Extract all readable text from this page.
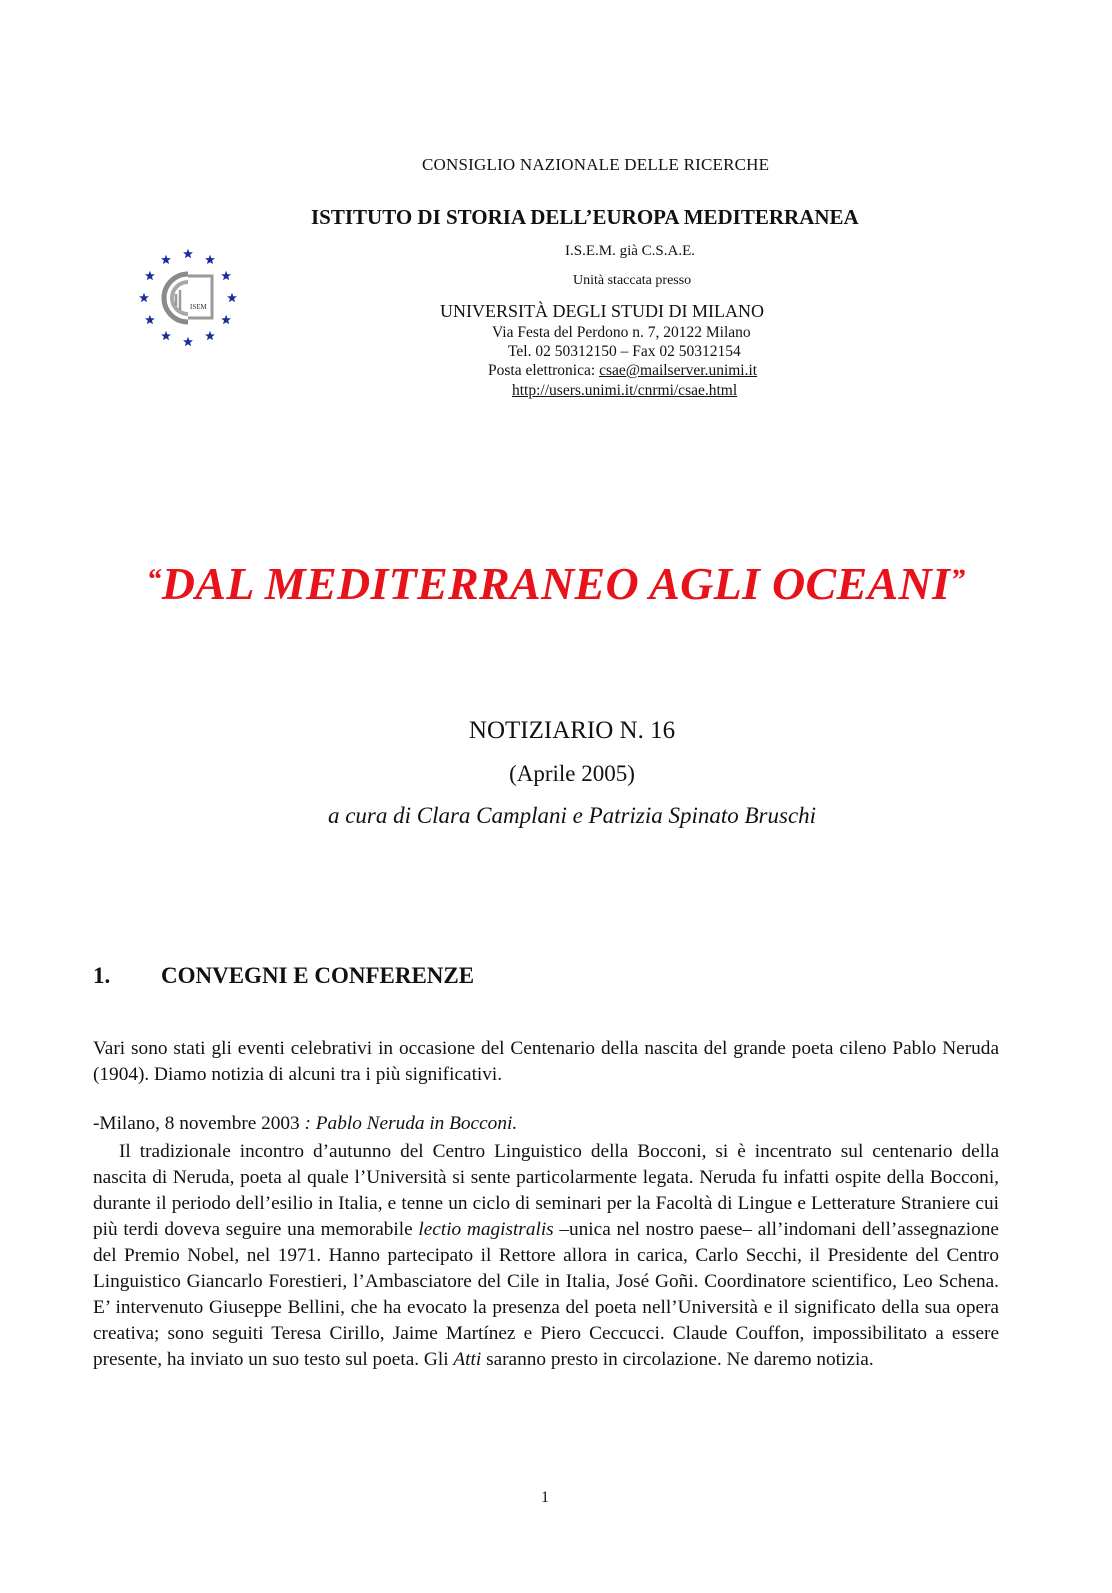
ISEM
CONSIGLIO NAZIONALE DELLE RICERCHE
ISTITUTO DI STORIA DELL’EUROPA MEDITERRANEA
I.S.E.M. già C.S.A.E.
Unità staccata presso
UNIVERSITÀ DEGLI STUDI DI MILANO
Via Festa del Perdono n. 7, 20122 Milano
Tel. 02 50312150 – Fax 02 50312154
Posta elettronica: csae@mailserver.unimi.it
http://users.unimi.it/cnrmi/csae.html
“DAL MEDITERRANEO AGLI OCEANI”
NOTIZIARIO N. 16
(Aprile 2005)
a cura di Clara Camplani e Patrizia Spinato Bruschi
1. CONVEGNI E CONFERENZE

Vari sono stati gli eventi celebrativi in occasione del Centenario della nascita del grande poeta cileno Pablo Neruda (1904). Diamo notizia di alcuni tra i più significativi.

-Milano, 8 novembre 2003 : Pablo Neruda in Bocconi.

Il tradizionale incontro d’autunno del Centro Linguistico della Bocconi, si è incentrato sul centenario della nascita di Neruda, poeta al quale l’Università si sente particolarmente legata. Neruda fu infatti ospite della Bocconi, durante il periodo dell’esilio in Italia, e tenne un ciclo di seminari per la Facoltà di Lingue e Letterature Straniere cui più terdi doveva seguire una memorabile lectio magistralis –unica nel nostro paese– all’indomani dell’assegnazione del Premio Nobel, nel 1971. Hanno partecipato il Rettore allora in carica, Carlo Secchi, il Presidente del Centro Linguistico Giancarlo Forestieri, l’Ambasciatore del Cile in Italia, José Goñi. Coordinatore scientifico, Leo Schena. E’ intervenuto Giuseppe Bellini, che ha evocato la presenza del poeta nell’Università e il significato della sua opera creativa; sono seguiti Teresa Cirillo, Jaime Martínez e Piero Ceccucci. Claude Couffon, impossibilitato a essere presente, ha inviato un suo testo sul poeta. Gli Atti saranno presto in circolazione. Ne daremo notizia.

1
